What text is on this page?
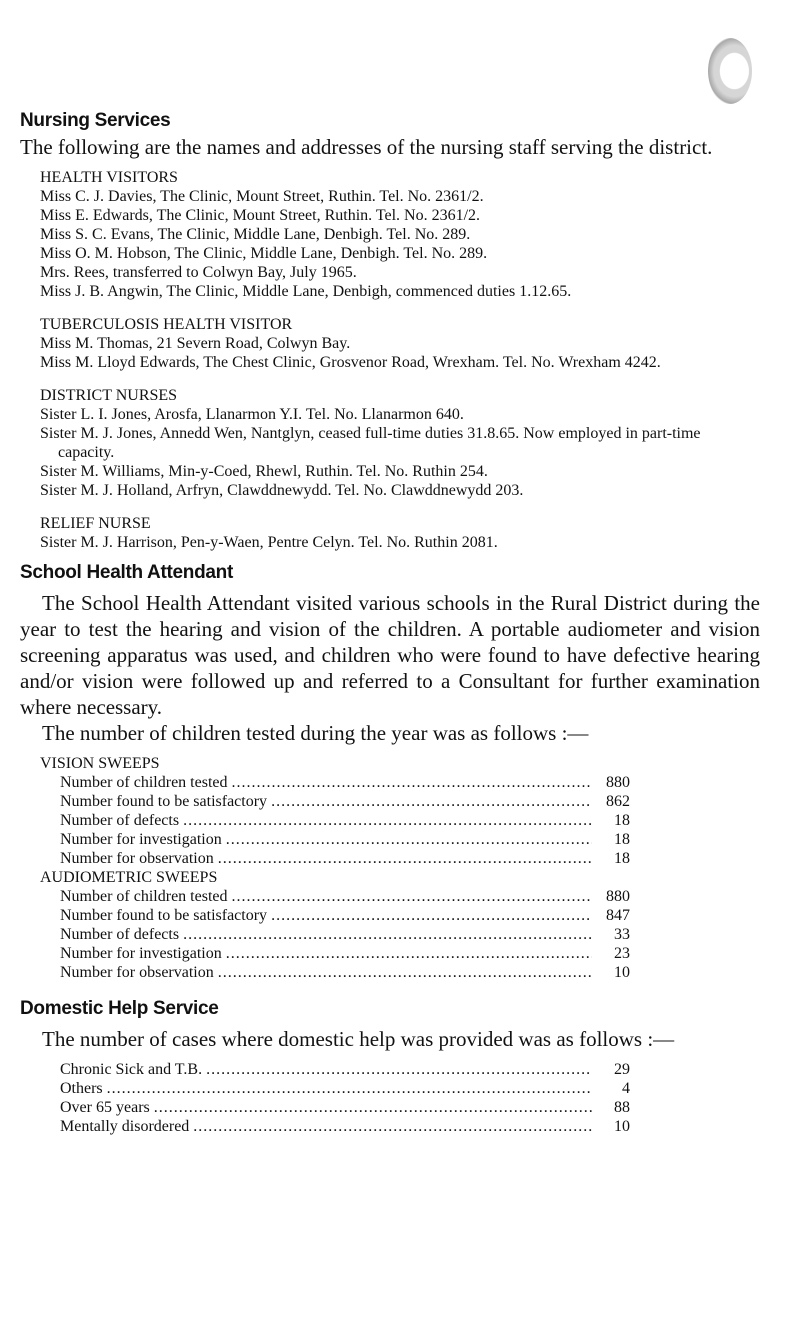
Nursing Services

The following are the names and addresses of the nursing staff serving the district.

HEALTH VISITORS

Miss C. J. Davies, The Clinic, Mount Street, Ruthin. Tel. No. 2361/2.

Miss E. Edwards, The Clinic, Mount Street, Ruthin. Tel. No. 2361/2.

Miss S. C. Evans, The Clinic, Middle Lane, Denbigh. Tel. No. 289.

Miss O. M. Hobson, The Clinic, Middle Lane, Denbigh. Tel. No. 289.

Mrs. Rees, transferred to Colwyn Bay, July 1965.

Miss J. B. Angwin, The Clinic, Middle Lane, Denbigh, commenced duties 1.12.65.

TUBERCULOSIS HEALTH VISITOR

Miss M. Thomas, 21 Severn Road, Colwyn Bay.

Miss M. Lloyd Edwards, The Chest Clinic, Grosvenor Road, Wrexham. Tel. No. Wrexham 4242.

DISTRICT NURSES

Sister L. I. Jones, Arosfa, Llanarmon Y.I. Tel. No. Llanarmon 640.

Sister M. J. Jones, Annedd Wen, Nantglyn, ceased full-time duties 31.8.65. Now employed in part-time capacity.

Sister M. Williams, Min-y-Coed, Rhewl, Ruthin. Tel. No. Ruthin 254.

Sister M. J. Holland, Arfryn, Clawddnewydd. Tel. No. Clawddnewydd 203.

RELIEF NURSE

Sister M. J. Harrison, Pen-y-Waen, Pentre Celyn. Tel. No. Ruthin 2081.

School Health Attendant

The School Health Attendant visited various schools in the Rural District during the year to test the hearing and vision of the children. A portable audiometer and vision screening apparatus was used, and children who were found to have defective hearing and/or vision were followed up and referred to a Consultant for further examination where necessary.

The number of children tested during the year was as follows :—

VISION SWEEPS

Number of children tested .....	880
Number found to be satisfactory .....	862
Number of defects .....	18
Number for investigation .....	18
Number for observation .....	18

AUDIOMETRIC SWEEPS

Number of children tested .....	880
Number found to be satisfactory .....	847
Number of defects .....	33
Number for investigation .....	23
Number for observation .....	10
Domestic Help Service

The number of cases where domestic help was provided was as follows :—

Chronic Sick and T.B. .....	29
Others .....	4
Over 65 years .....	88
Mentally disordered .....	10
